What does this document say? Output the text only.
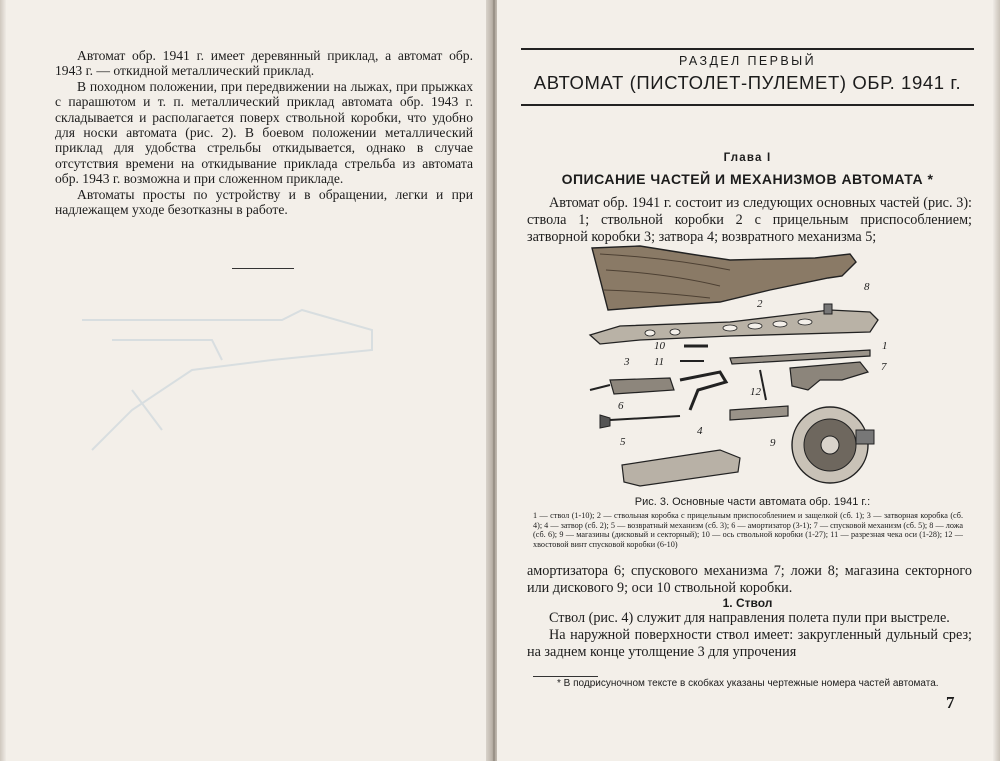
Автомат обр. 1941 г. имеет деревянный приклад, а автомат обр. 1943 г. — откидной металлический приклад.

В походном положении, при передвижении на лыжах, при прыжках с парашютом и т. п. металлический приклад автомата обр. 1943 г. складывается и располагается поверх ствольной коробки, что удобно для носки автомата (рис. 2). В боевом положении металлический приклад для удобства стрельбы откидывается, однако в случае отсутствия времени на откидывание приклада стрельба из автомата обр. 1943 г. возможна и при сложенном прикладе.

Автоматы просты по устройству и в обращении, легки и при надлежащем уходе безотказны в работе.

РАЗДЕЛ ПЕРВЫЙ
АВТОМАТ (ПИСТОЛЕТ-ПУЛЕМЕТ) ОБР. 1941 г.
Глава I
ОПИСАНИЕ ЧАСТЕЙ И МЕХАНИЗМОВ АВТОМАТА *

Автомат обр. 1941 г. состоит из следующих основных частей (рис. 3): ствола 1; ствольной коробки 2 с прицельным приспособлением; затворной коробки 3; затвора 4; возвратного механизма 5;

8
2
10	1
11
3	7
12
6
4
5	9
Рис. 3. Основные части автомата обр. 1941 г.:
1 — ствол (1-10); 2 — ствольная коробка с прицельным приспособлением и защелкой (сб. 1); 3 — затворная коробка (сб. 4); 4 — затвор (сб. 2); 5 — возвратный механизм (сб. 3); 6 — амортизатор (3-1); 7 — спусковой механизм (сб. 5); 8 — ложа (сб. 6); 9 — магазины (дисковый и секторный); 10 — ось ствольной коробки (1-27); 11 — разрезная чека оси (1-28); 12 — хвостовой винт спусковой коробки (6-10)

амортизатора 6; спускового механизма 7; ложи 8; магазина секторного или дискового 9; оси 10 ствольной коробки.

1. Ствол

Ствол (рис. 4) служит для направления полета пули при выстреле.

На наружной поверхности ствол имеет: закругленный дульный срез; на заднем конце утолщение 3 для упрочения

* В подрисуночном тексте в скобках указаны чертежные номера частей автомата.
7
